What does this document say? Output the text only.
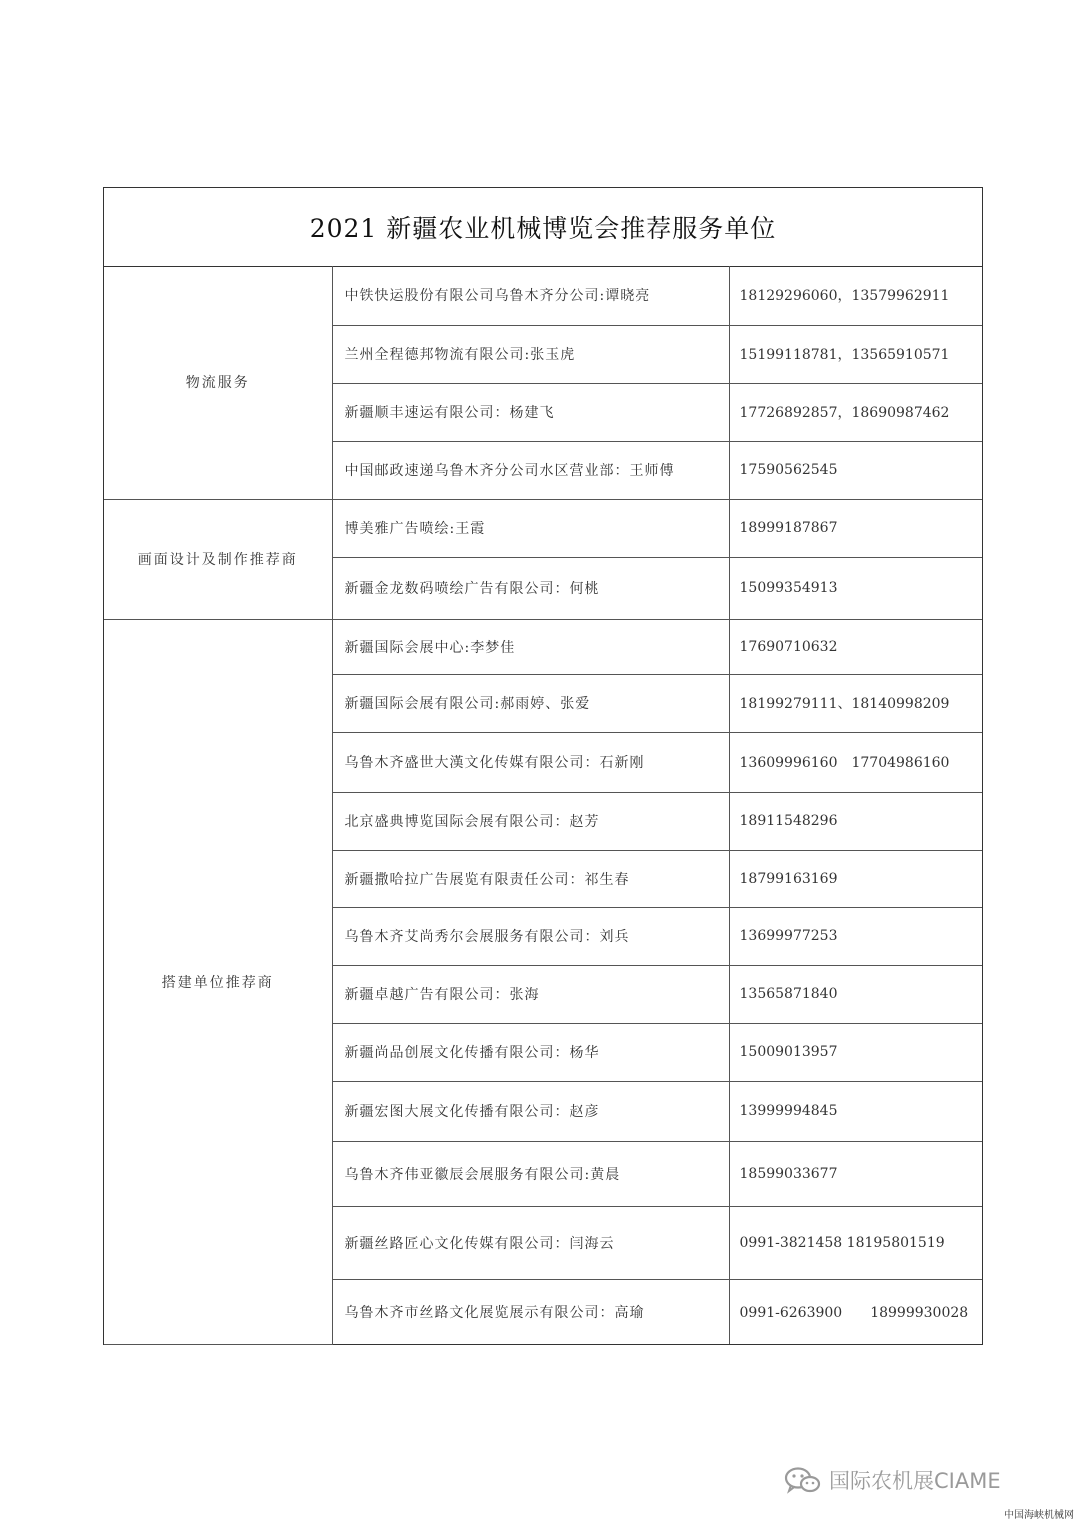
2021 新疆农业机械博览会推荐服务单位
物流服务	中铁快运股份有限公司乌鲁木齐分公司:谭晓亮	18129296060，13579962911
	兰州全程德邦物流有限公司:张玉虎	15199118781，13565910571
	新疆顺丰速运有限公司：杨建飞	17726892857，18690987462
	中国邮政速递乌鲁木齐分公司水区营业部：王师傅	17590562545
画面设计及制作推荐商	博美雅广告喷绘:王霞	18999187867
	新疆金龙数码喷绘广告有限公司：何桃	15099354913
搭建单位推荐商	新疆国际会展中心:李梦佳	17690710632
	新疆国际会展有限公司:郝雨婷、张爱	18199279111、18140998209
	乌鲁木齐盛世大漢文化传媒有限公司：石新刚	13609996160　17704986160
	北京盛典博览国际会展有限公司：赵芳	18911548296
	新疆撒哈拉广告展览有限责任公司：祁生春	18799163169
	乌鲁木齐艾尚秀尔会展服务有限公司：刘兵	13699977253
	新疆卓越广告有限公司：张海	13565871840
	新疆尚品创展文化传播有限公司：杨华	15009013957
	新疆宏图大展文化传播有限公司：赵彦	13999994845
	乌鲁木齐伟亚徽辰会展服务有限公司:黄晨	18599033677
	新疆丝路匠心文化传媒有限公司：闫海云	0991-3821458 18195801519
	乌鲁木齐市丝路文化展览展示有限公司：高瑜	0991-6263900　　18999930028
国际农机展CIAME
中国海峡机械网
